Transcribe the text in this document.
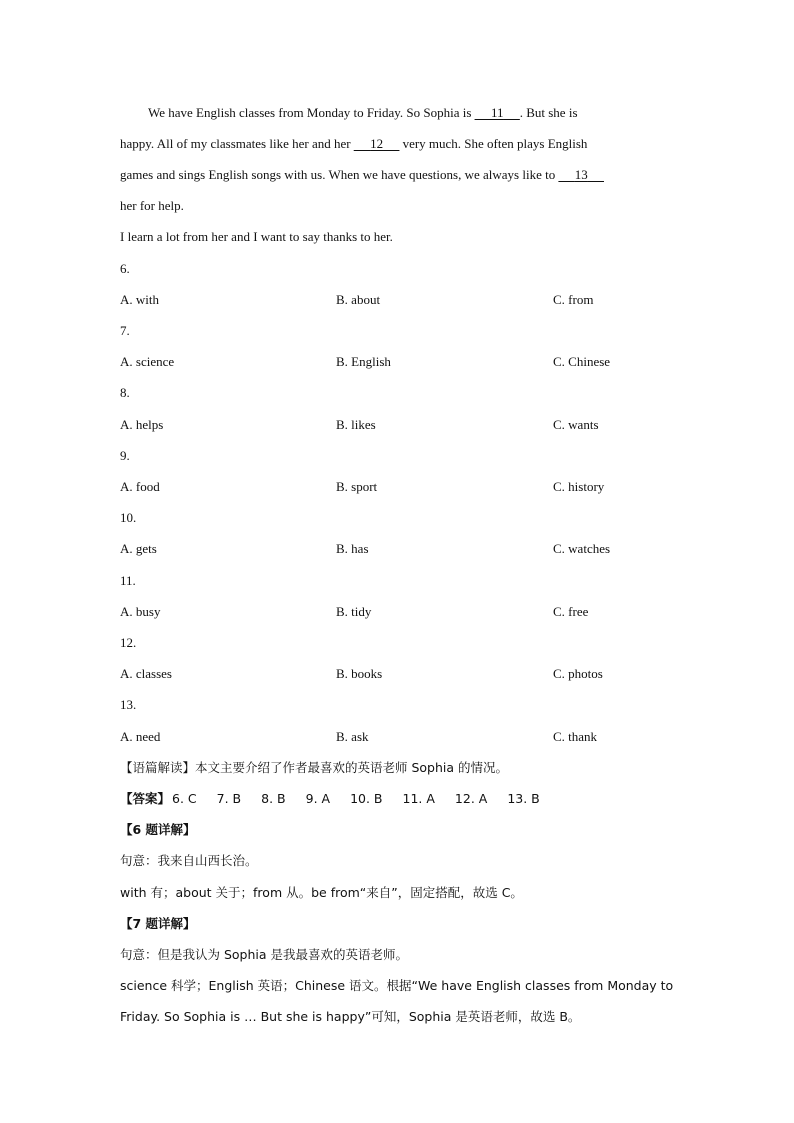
We have English classes from Monday to Friday. So Sophia is 11 . But she is
happy. All of my classmates like her and her 12 very much. She often plays English
games and sings English songs with us. When we have questions, we always like to 13
her for help.
I learn a lot from her and I want to say thanks to her.
6.
A. with	B. about	C. from
7.
A. science	B. English	C. Chinese
8.
A. helps	B. likes	C. wants
9.
A. food	B. sport	C. history
10.
A. gets	B. has	C. watches
11.
A. busy	B. tidy	C. free
12.
A. classes	B. books	C. photos
13.
A. need	B. ask	C. thank
【语篇解读】本文主要介绍了作者最喜欢的英语老师 Sophia 的情况。
【答案】 6. C 7. B 8. B 9. A 10. B 11. A 12. A 13. B
【6 题详解】
句意：我来自山西长治。
with 有；about 关于；from 从。be from“来自”，固定搭配，故选 C。
【7 题详解】
句意：但是我认为 Sophia 是我最喜欢的英语老师。
science 科学；English 英语；Chinese 语文。根据“We have English classes from Monday to
Friday. So Sophia is … But she is happy”可知，Sophia 是英语老师，故选 B。
